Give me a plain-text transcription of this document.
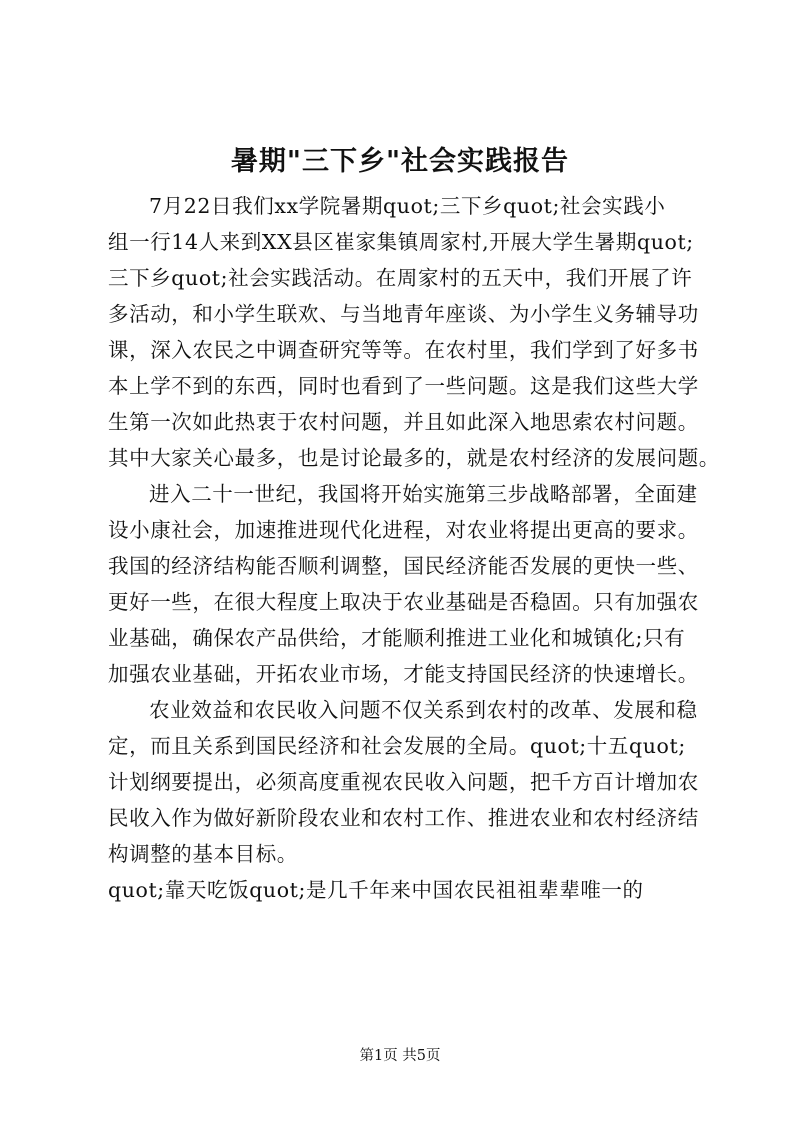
暑期"三下乡"社会实践报告
7月22日我们xx学院暑期quot;三下乡quot;社会实践小
组一行14人来到XX县区崔家集镇周家村,开展大学生暑期quot;
三下乡quot;社会实践活动。在周家村的五天中，我们开展了许
多活动，和小学生联欢、与当地青年座谈、为小学生义务辅导功
课，深入农民之中调查研究等等。在农村里，我们学到了好多书
本上学不到的东西，同时也看到了一些问题。这是我们这些大学
生第一次如此热衷于农村问题，并且如此深入地思索农村问题。
其中大家关心最多，也是讨论最多的，就是农村经济的发展问题。
进入二十一世纪，我国将开始实施第三步战略部署，全面建
设小康社会，加速推进现代化进程，对农业将提出更高的要求。
我国的经济结构能否顺利调整，国民经济能否发展的更快一些、
更好一些，在很大程度上取决于农业基础是否稳固。只有加强农
业基础，确保农产品供给，才能顺利推进工业化和城镇化;只有
加强农业基础，开拓农业市场，才能支持国民经济的快速增长。
农业效益和农民收入问题不仅关系到农村的改革、发展和稳
定，而且关系到国民经济和社会发展的全局。quot;十五quot;
计划纲要提出，必须高度重视农民收入问题，把千方百计增加农
民收入作为做好新阶段农业和农村工作、推进农业和农村经济结
构调整的基本目标。
quot;靠天吃饭quot;是几千年来中国农民祖祖辈辈唯一的
第1页 共5页
